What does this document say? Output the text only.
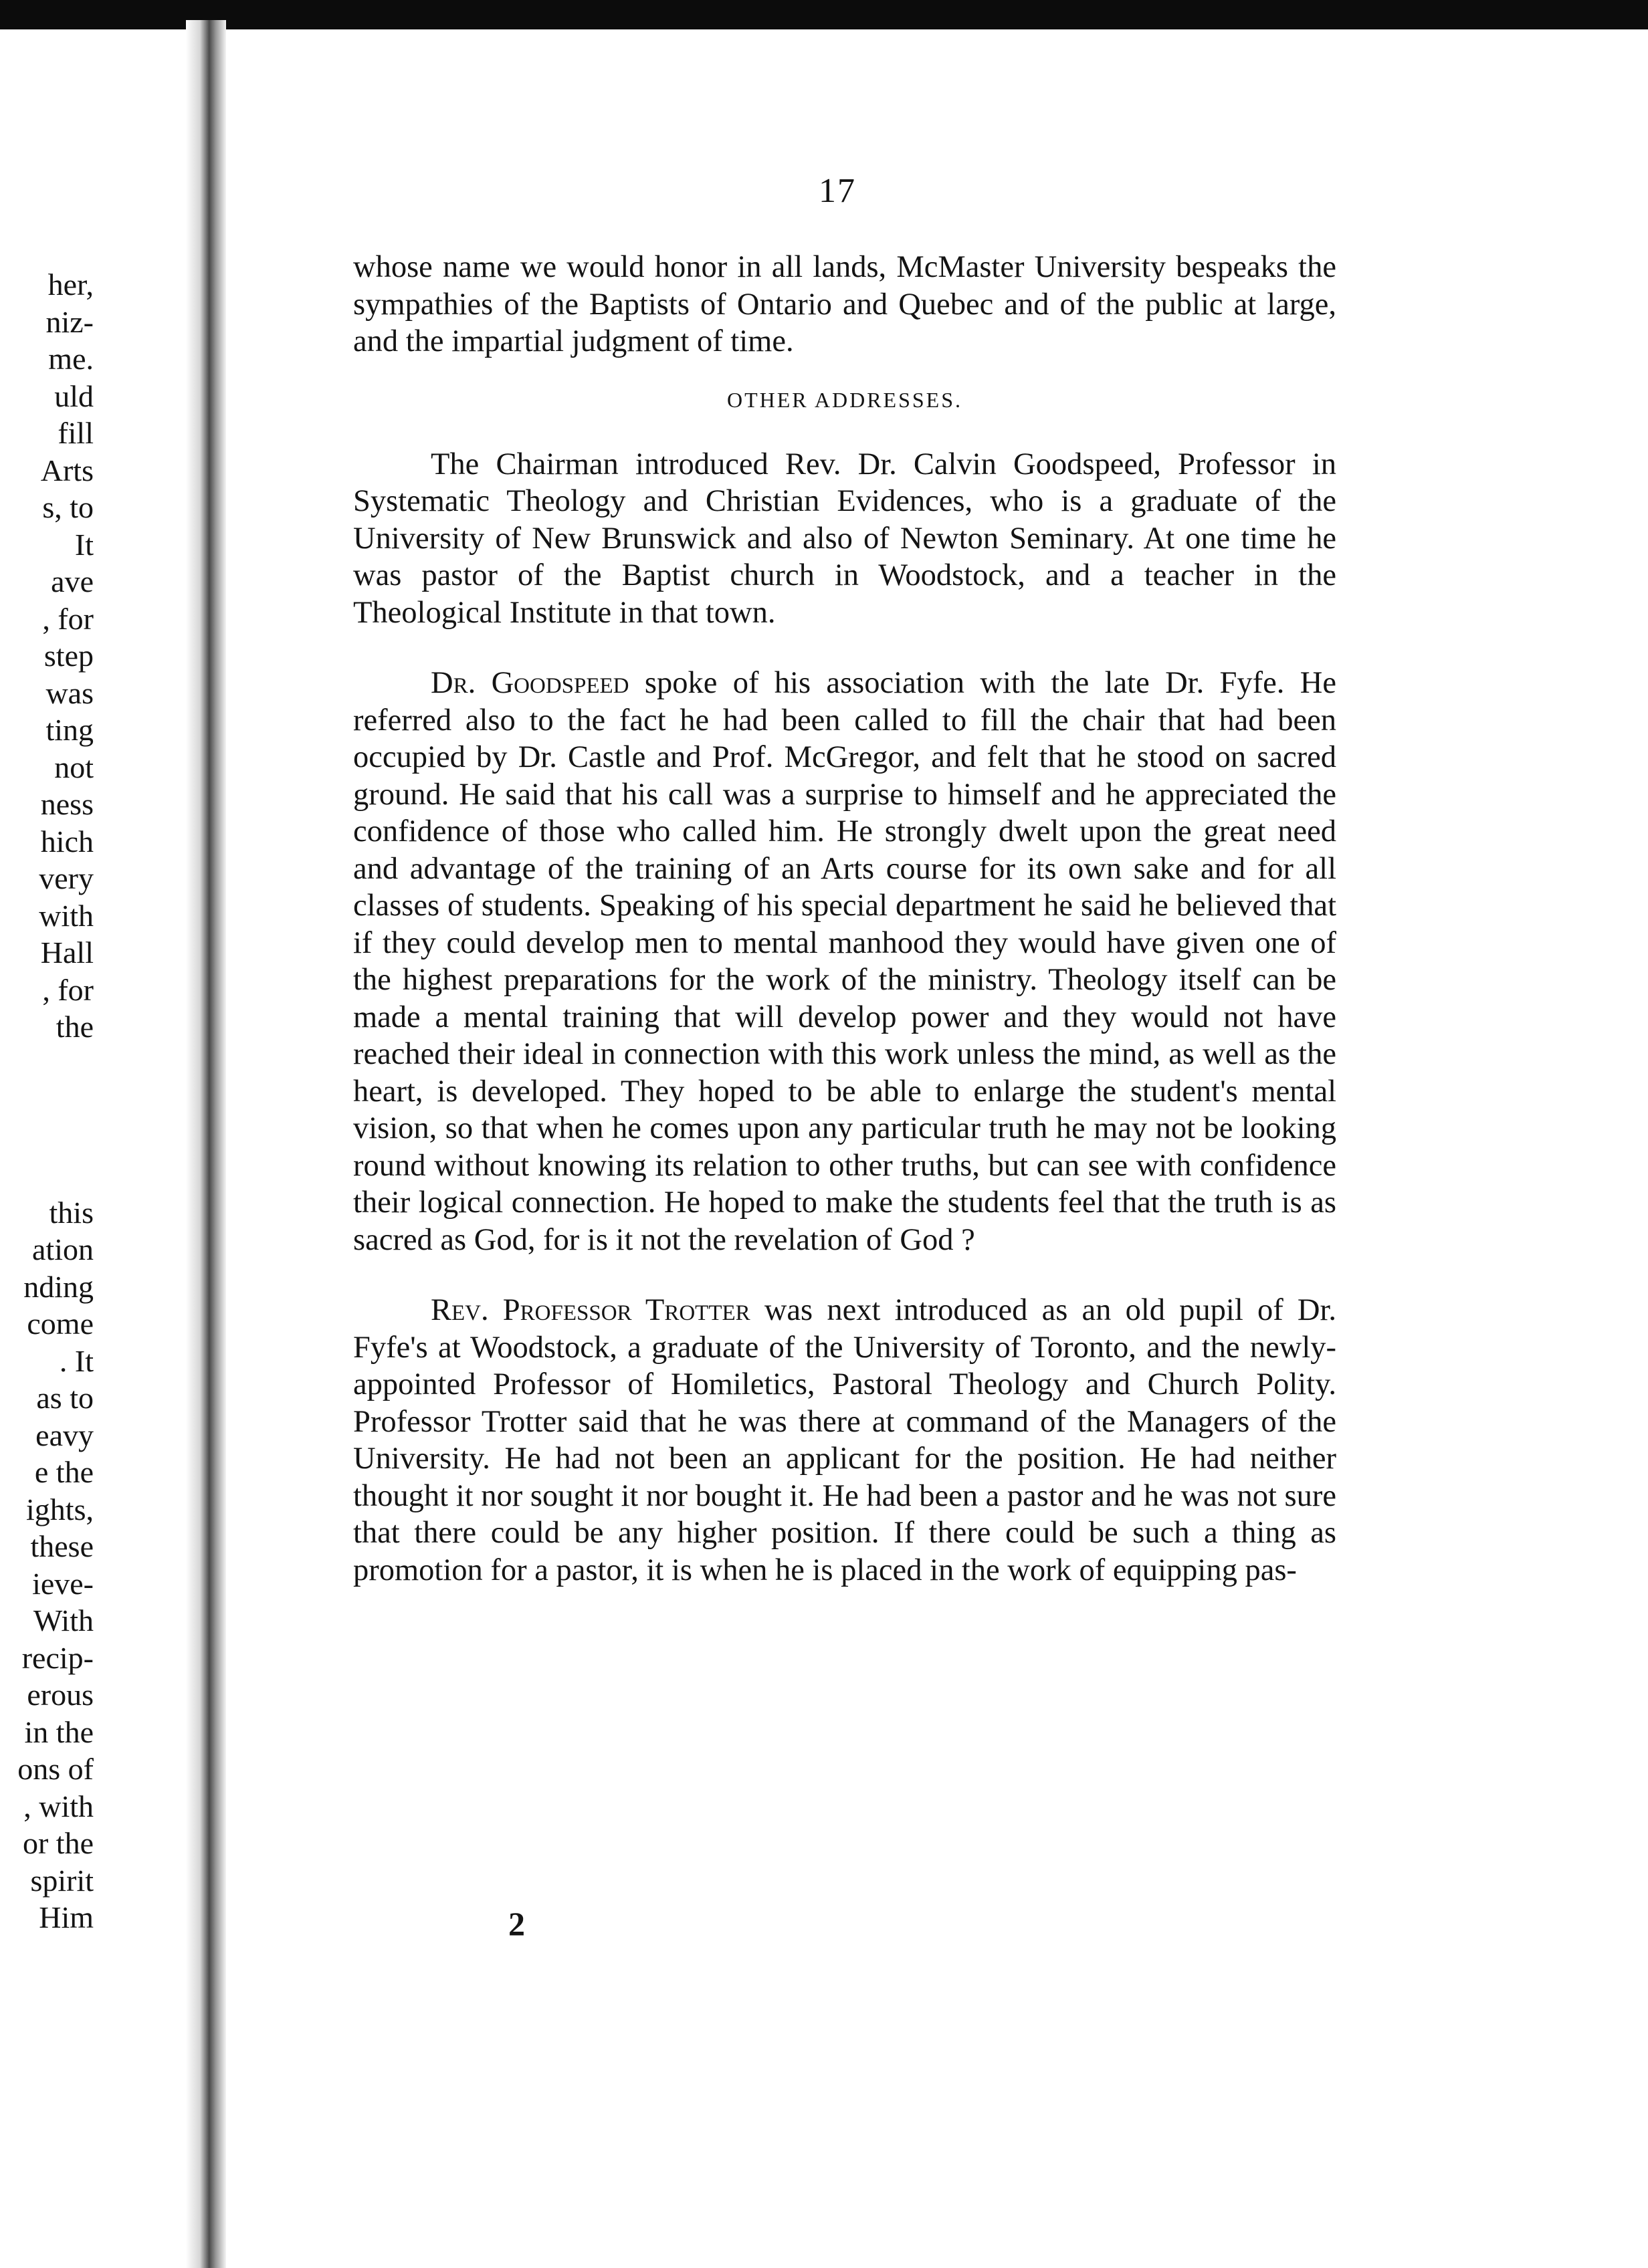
her,
niz-
me.
uld
fill
Arts
s, to
It
ave
, for
step
was
ting
not
ness
hich
very
with
Hall
, for
the
this
ation
nding
come
. It
as to
eavy
e the
ights,
these
ieve-
With
recip-
erous
in the
ons of
, with
or the
spirit
Him
17

whose name we would honor in all lands, McMaster University bespeaks the sympathies of the Baptists of Ontario and Quebec and of the public at large, and the impartial judgment of time.

OTHER ADDRESSES.

The Chairman introduced Rev. Dr. Calvin Goodspeed, Professor in Systematic Theology and Christian Evidences, who is a graduate of the University of New Brunswick and also of Newton Seminary. At one time he was pastor of the Baptist church in Woodstock, and a teacher in the Theological Institute in that town.

Dr. Goodspeed spoke of his association with the late Dr. Fyfe. He referred also to the fact he had been called to fill the chair that had been occupied by Dr. Castle and Prof. McGregor, and felt that he stood on sacred ground. He said that his call was a surprise to himself and he appreciated the confidence of those who called him. He strongly dwelt upon the great need and advantage of the training of an Arts course for its own sake and for all classes of students. Speaking of his special department he said he believed that if they could develop men to mental manhood they would have given one of the highest preparations for the work of the ministry. Theology itself can be made a mental training that will develop power and they would not have reached their ideal in connection with this work unless the mind, as well as the heart, is developed. They hoped to be able to enlarge the student's mental vision, so that when he comes upon any particular truth he may not be looking round without knowing its relation to other truths, but can see with confidence their logical connection. He hoped to make the students feel that the truth is as sacred as God, for is it not the revelation of God ?

Rev. Professor Trotter was next introduced as an old pupil of Dr. Fyfe's at Woodstock, a graduate of the University of Toronto, and the newly-appointed Professor of Homiletics, Pastoral Theology and Church Polity. Professor Trotter said that he was there at command of the Managers of the University. He had not been an applicant for the position. He had neither thought it nor sought it nor bought it. He had been a pastor and he was not sure that there could be any higher position. If there could be such a thing as promotion for a pastor, it is when he is placed in the work of equipping pas-

2
